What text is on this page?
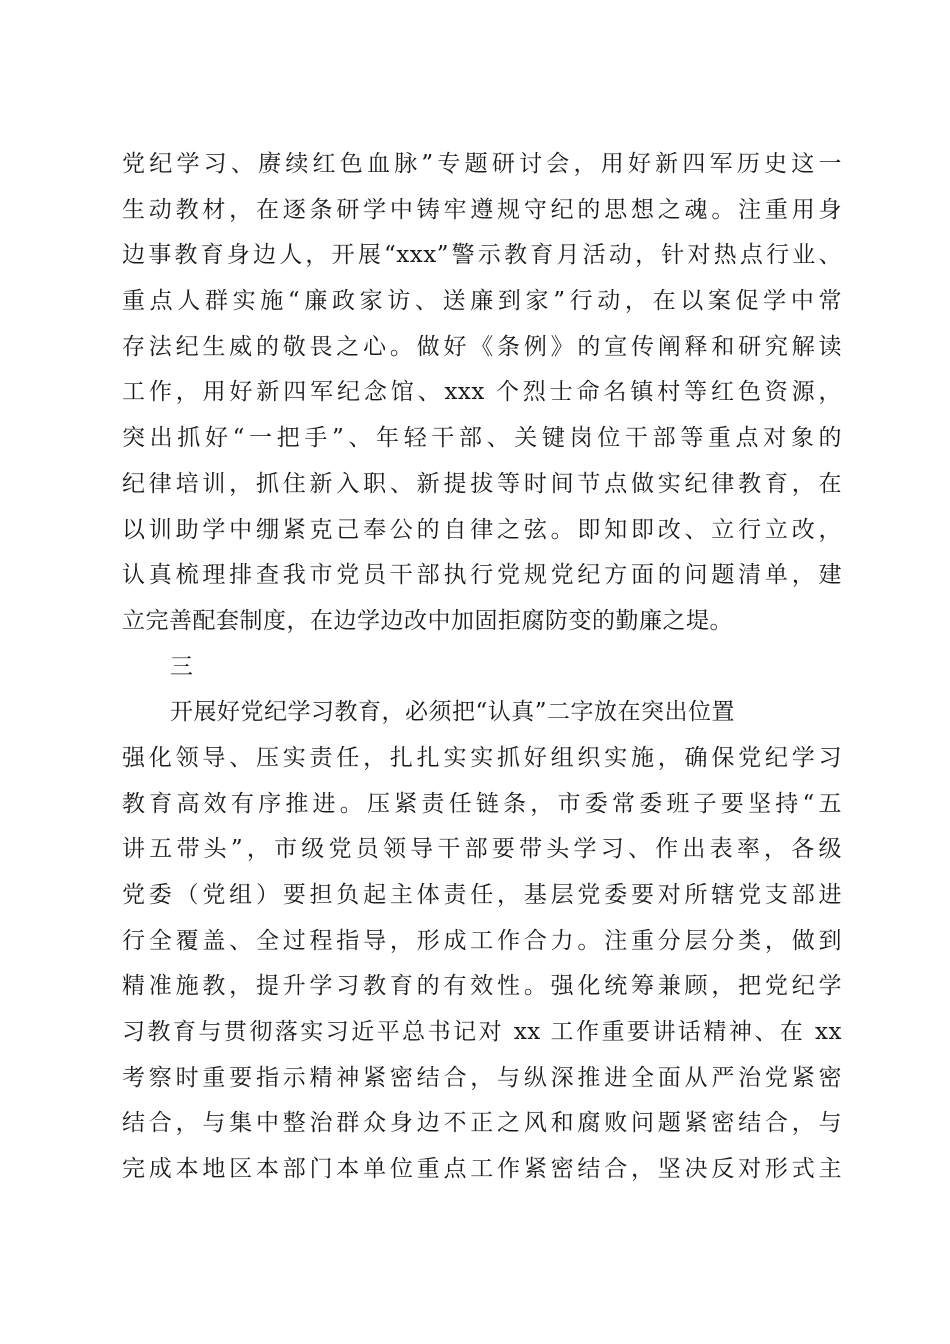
党纪学习、赓续红色血脉”专题研讨会，用好新四军历史这一
生动教材，在逐条研学中铸牢遵规守纪的思想之魂。注重用身
边事教育身边人，开展“xxx”警示教育月活动，针对热点行业、
重点人群实施“廉政家访、送廉到家”行动，在以案促学中常
存法纪生威的敬畏之心。做好《条例》的宣传阐释和研究解读
工作，用好新四军纪念馆、xxx 个烈士命名镇村等红色资源，
突出抓好“一把手”、年轻干部、关键岗位干部等重点对象的
纪律培训，抓住新入职、新提拔等时间节点做实纪律教育，在
以训助学中绷紧克己奉公的自律之弦。即知即改、立行立改，
认真梳理排查我市党员干部执行党规党纪方面的问题清单，建
立完善配套制度，在边学边改中加固拒腐防变的勤廉之堤。
三
开展好党纪学习教育，必须把“认真”二字放在突出位置
强化领导、压实责任，扎扎实实抓好组织实施，确保党纪学习
教育高效有序推进。压紧责任链条，市委常委班子要坚持“五
讲五带头”，市级党员领导干部要带头学习、作出表率，各级
党委（党组）要担负起主体责任，基层党委要对所辖党支部进
行全覆盖、全过程指导，形成工作合力。注重分层分类，做到
精准施教，提升学习教育的有效性。强化统筹兼顾，把党纪学
习教育与贯彻落实习近平总书记对 xx 工作重要讲话精神、在 xx
考察时重要指示精神紧密结合，与纵深推进全面从严治党紧密
结合，与集中整治群众身边不正之风和腐败问题紧密结合，与
完成本地区本部门本单位重点工作紧密结合，坚决反对形式主
